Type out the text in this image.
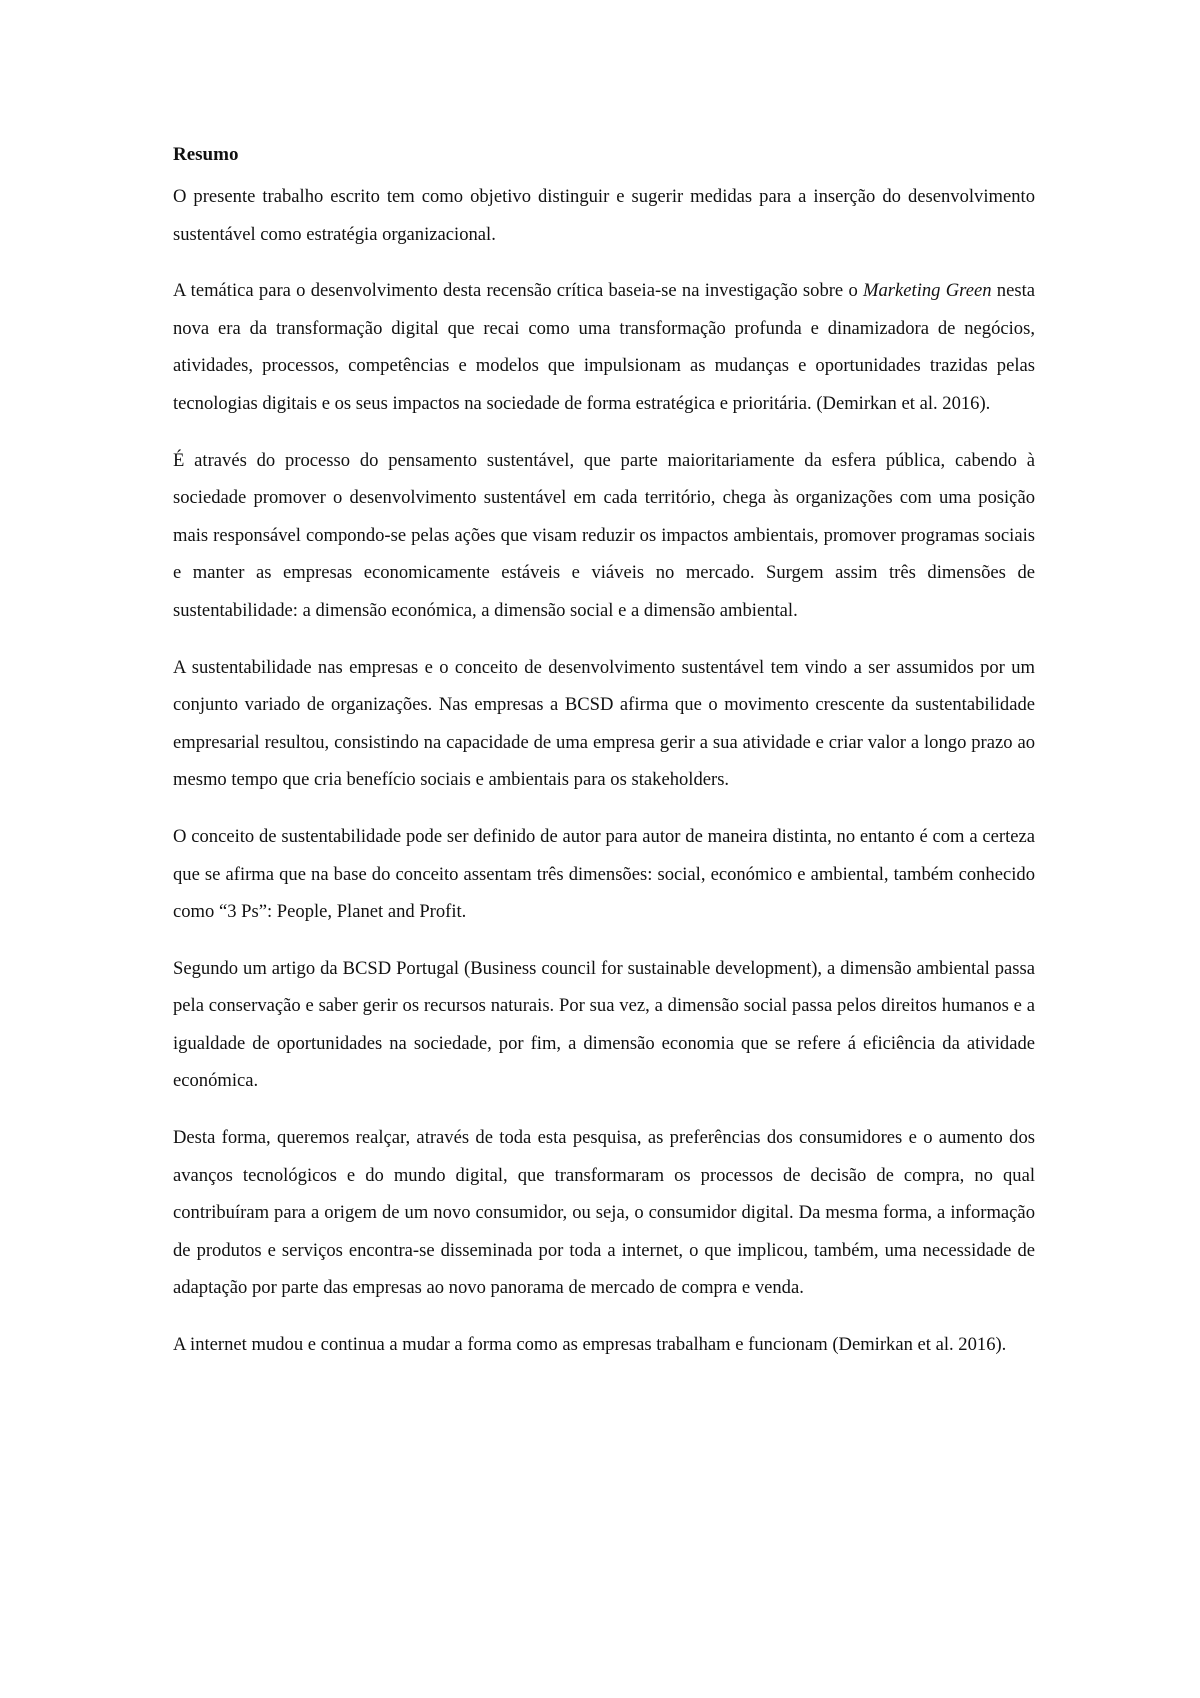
Resumo

O presente trabalho escrito tem como objetivo distinguir e sugerir medidas para a inserção do desenvolvimento sustentável como estratégia organizacional.

A temática para o desenvolvimento desta recensão crítica baseia-se na investigação sobre o Marketing Green nesta nova era da transformação digital que recai como uma transformação profunda e dinamizadora de negócios, atividades, processos, competências e modelos que impulsionam as mudanças e oportunidades trazidas pelas tecnologias digitais e os seus impactos na sociedade de forma estratégica e prioritária. (Demirkan et al. 2016).

É através do processo do pensamento sustentável, que parte maioritariamente da esfera pública, cabendo à sociedade promover o desenvolvimento sustentável em cada território, chega às organizações com uma posição mais responsável compondo-se pelas ações que visam reduzir os impactos ambientais, promover programas sociais e manter as empresas economicamente estáveis e viáveis no mercado. Surgem assim três dimensões de sustentabilidade: a dimensão económica, a dimensão social e a dimensão ambiental.

A sustentabilidade nas empresas e o conceito de desenvolvimento sustentável tem vindo a ser assumidos por um conjunto variado de organizações. Nas empresas a BCSD afirma que o movimento crescente da sustentabilidade empresarial resultou, consistindo na capacidade de uma empresa gerir a sua atividade e criar valor a longo prazo ao mesmo tempo que cria benefício sociais e ambientais para os stakeholders.

O conceito de sustentabilidade pode ser definido de autor para autor de maneira distinta, no entanto é com a certeza que se afirma que na base do conceito assentam três dimensões: social, económico e ambiental, também conhecido como “3 Ps”: People, Planet and Profit.

Segundo um artigo da BCSD Portugal (Business council for sustainable development), a dimensão ambiental passa pela conservação e saber gerir os recursos naturais. Por sua vez, a dimensão social passa pelos direitos humanos e a igualdade de oportunidades na sociedade, por fim, a dimensão economia que se refere á eficiência da atividade económica.

Desta forma, queremos realçar, através de toda esta pesquisa, as preferências dos consumidores e o aumento dos avanços tecnológicos e do mundo digital, que transformaram os processos de decisão de compra, no qual contribuíram para a origem de um novo consumidor, ou seja, o consumidor digital. Da mesma forma, a informação de produtos e serviços encontra-se disseminada por toda a internet, o que implicou, também, uma necessidade de adaptação por parte das empresas ao novo panorama de mercado de compra e venda.

A internet mudou e continua a mudar a forma como as empresas trabalham e funcionam (Demirkan et al. 2016).
